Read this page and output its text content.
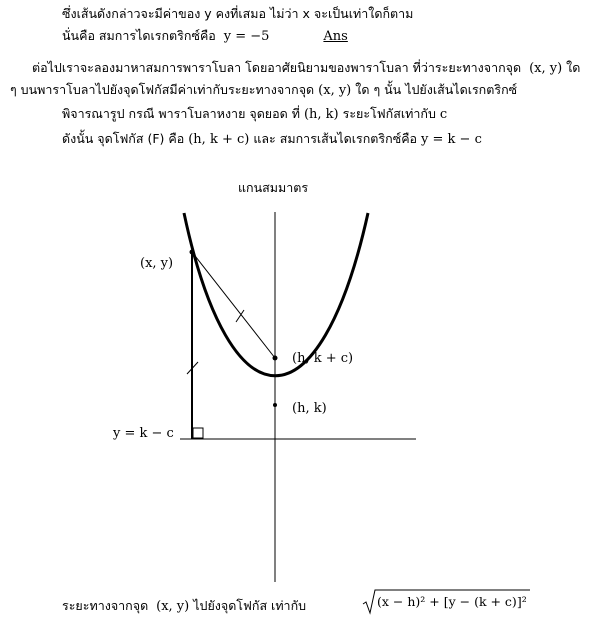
ซึ่งเส้นดังกล่าวจะมีค่าของ y คงที่เสมอ ไม่ว่า x จะเป็นเท่าใดก็ตาม
นั่นคือ สมการไดเรกตริกซ์คือ y = −5	Ans
ต่อไปเราจะลองมาหาสมการพาราโบลา โดยอาศัยนิยามของพาราโบลา ที่ว่าระยะทางจากจุด (x, y) ใด
ๆ บนพาราโบลาไปยังจุดโฟกัสมีค่าเท่ากับระยะทางจากจุด (x, y) ใด ๆ นั้น ไปยังเส้นไดเรกตริกซ์
พิจารณารูป กรณี พาราโบลาหงาย จุดยอด ที่ (h, k) ระยะโฟกัสเท่ากับ c
ดังนั้น จุดโฟกัส (F) คือ (h, k + c) และ สมการเส้นไดเรกตริกซ์คือ y = k − c
แกนสมมาตร
(x, y)
(h, k + c)
(h, k)
y = k − c
ระยะทางจากจุด (x, y) ไปยังจุดโฟกัส เท่ากับ	(x − h)² + [y − (k + c)]²
